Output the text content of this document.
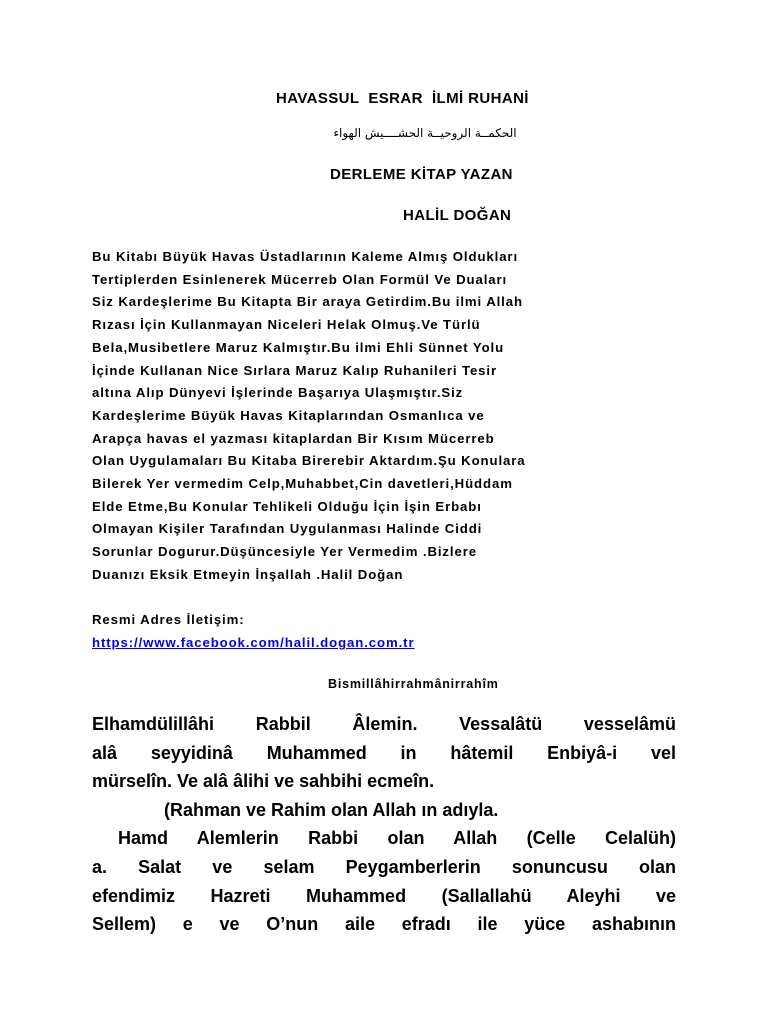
HAVASSUL  ESRAR  İLMİ RUHANİ
الحكمــة الروحيــة الحشــــيش الهواء
DERLEME KİTAP YAZAN
HALİL DOĞAN
Bu Kitabı Büyük Havas Üstadlarının Kaleme Almış Oldukları
Tertiplerden Esinlenerek Mücerreb Olan Formül Ve Duaları
Siz Kardeşlerime Bu Kitapta Bir araya Getirdim.Bu ilmi Allah
Rızası İçin Kullanmayan Niceleri Helak Olmuş.Ve Türlü
Bela,Musibetlere Maruz Kalmıştır.Bu ilmi Ehli Sünnet Yolu
İçinde Kullanan Nice Sırlara Maruz Kalıp Ruhanileri Tesir
altına Alıp Dünyevi İşlerinde Başarıya Ulaşmıştır.Siz
Kardeşlerime Büyük Havas Kitaplarından Osmanlıca ve
Arapça havas el yazması kitaplardan Bir Kısım Mücerreb
Olan Uygulamaları Bu Kitaba Birerebir Aktardım.Şu Konulara
Bilerek Yer vermedim Celp,Muhabbet,Cin davetleri,Hüddam
Elde Etme,Bu Konular Tehlikeli Olduğu İçin İşin Erbabı
Olmayan Kişiler Tarafından Uygulanması Halinde Ciddi
Sorunlar Dogurur.Düşüncesiyle Yer Vermedim .Bizlere
Duanızı Eksik Etmeyin İnşallah .Halil Doğan
Resmi Adres İletişim:
https://www.facebook.com/halil.dogan.com.tr
Bismillâhirrahmânirrahîm
Elhamdülillâhi Rabbil Âlemin. Vessalâtü vesselâmü
alâ seyyidinâ Muhammed in hâtemil Enbiyâ-i vel
mürselîn. Ve alâ âlihi ve sahbihi ecmeîn.
(Rahman ve Rahim olan Allah ın adıyla.
Hamd Alemlerin Rabbi olan Allah (Celle Celalüh)
a. Salat ve selam Peygamberlerin sonuncusu olan
efendimiz Hazreti Muhammed (Sallallahü Aleyhi ve
Sellem) e ve O’nun aile efradı ile yüce ashabının
